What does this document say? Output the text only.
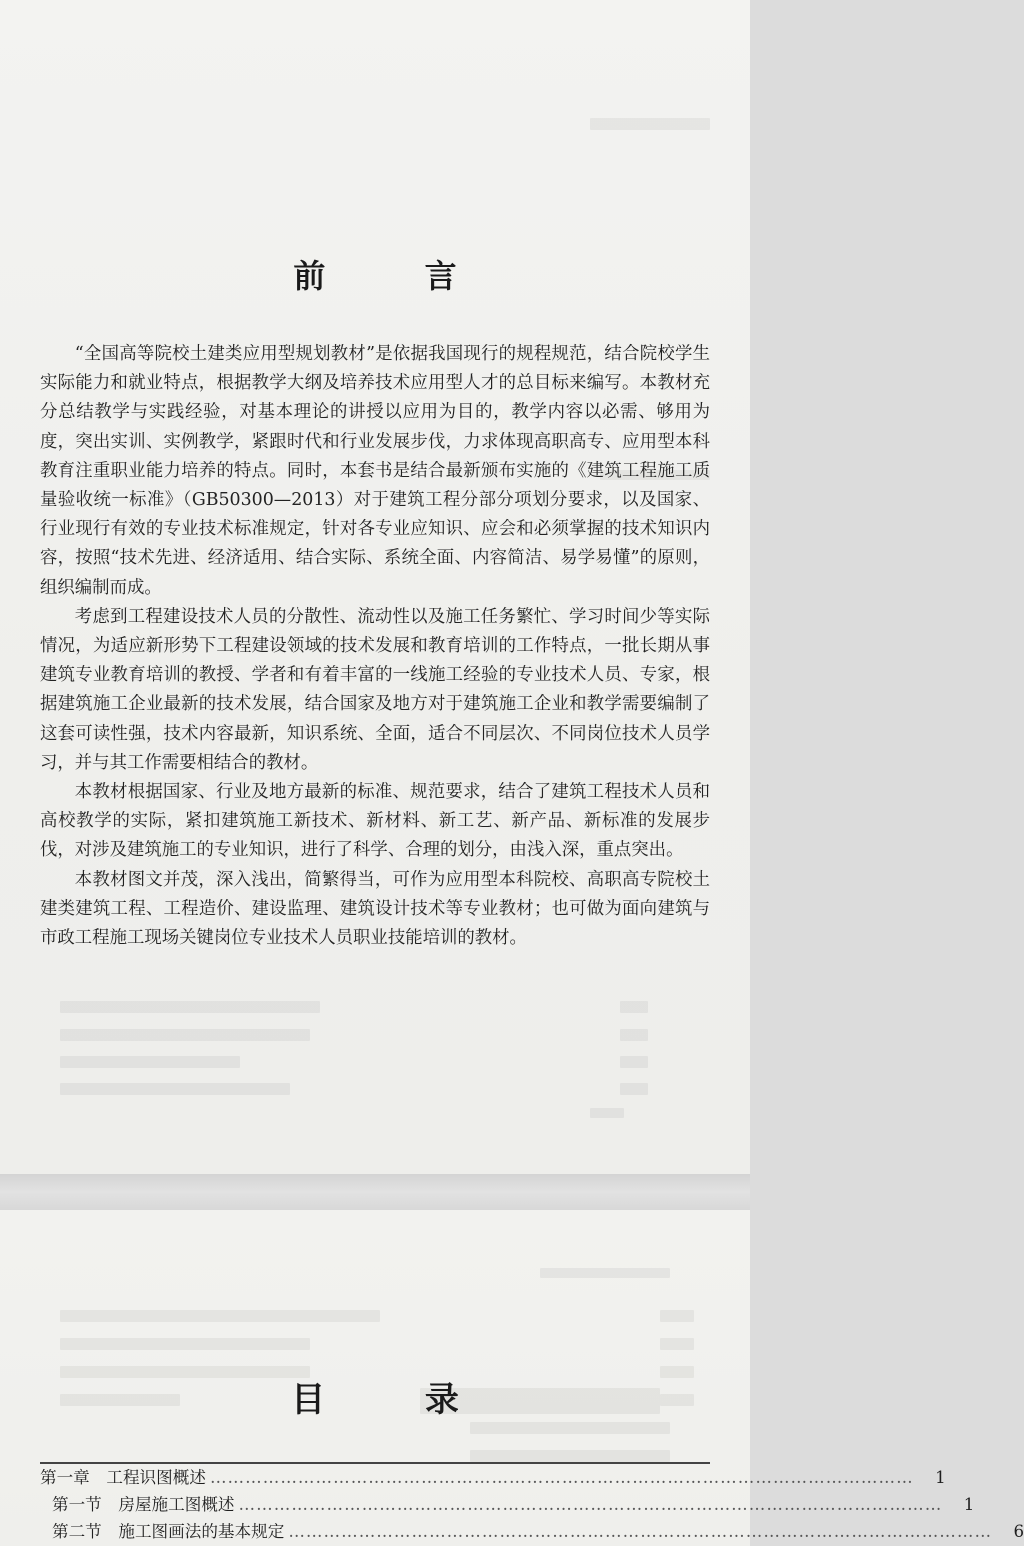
前 言

“全国高等院校土建类应用型规划教材”是依据我国现行的规程规范，结合院校学生实际能力和就业特点，根据教学大纲及培养技术应用型人才的总目标来编写。本教材充分总结教学与实践经验，对基本理论的讲授以应用为目的，教学内容以必需、够用为度，突出实训、实例教学，紧跟时代和行业发展步伐，力求体现高职高专、应用型本科教育注重职业能力培养的特点。同时，本套书是结合最新颁布实施的《建筑工程施工质量验收统一标准》（GB50300—2013）对于建筑工程分部分项划分要求，以及国家、行业现行有效的专业技术标准规定，针对各专业应知识、应会和必须掌握的技术知识内容，按照“技术先进、经济适用、结合实际、系统全面、内容简洁、易学易懂”的原则，组织编制而成。

考虑到工程建设技术人员的分散性、流动性以及施工任务繁忙、学习时间少等实际情况，为适应新形势下工程建设领域的技术发展和教育培训的工作特点，一批长期从事建筑专业教育培训的教授、学者和有着丰富的一线施工经验的专业技术人员、专家，根据建筑施工企业最新的技术发展，结合国家及地方对于建筑施工企业和教学需要编制了这套可读性强，技术内容最新，知识系统、全面，适合不同层次、不同岗位技术人员学习，并与其工作需要相结合的教材。

本教材根据国家、行业及地方最新的标准、规范要求，结合了建筑工程技术人员和高校教学的实际，紧扣建筑施工新技术、新材料、新工艺、新产品、新标准的发展步伐，对涉及建筑施工的专业知识，进行了科学、合理的划分，由浅入深，重点突出。

本教材图文并茂，深入浅出，简繁得当，可作为应用型本科院校、高职高专院校土建类建筑工程、工程造价、建设监理、建筑设计技术等专业教材；也可做为面向建筑与市政工程施工现场关键岗位专业技术人员职业技能培训的教材。

目 录
第一章　工程识图概述 …………………………………………………………………………………………………………	1
第一节　房屋施工图概述 …………………………………………………………………………………………………………	1
第二节　施工图画法的基本规定 …………………………………………………………………………………………………………	6
